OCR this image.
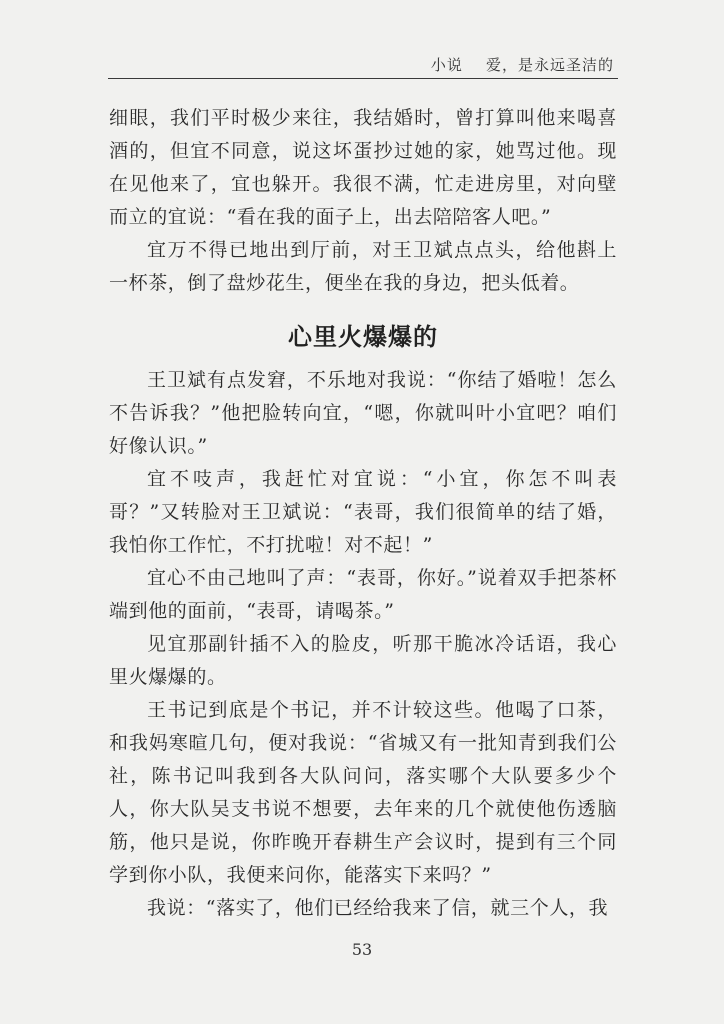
小说    爱，是永远圣洁的

细眼，我们平时极少来往，我结婚时，曾打算叫他来喝喜酒的，但宜不同意，说这坏蛋抄过她的家，她骂过他。现在见他来了，宜也躲开。我很不满，忙走进房里，对向壁而立的宜说：“看在我的面子上，出去陪陪客人吧。”

宜万不得已地出到厅前，对王卫斌点点头，给他斟上一杯茶，倒了盘炒花生，便坐在我的身边，把头低着。

心里火爆爆的

王卫斌有点发窘，不乐地对我说：“你结了婚啦！怎么不告诉我？”他把脸转向宜，“嗯，你就叫叶小宜吧？咱们好像认识。”

宜不吱声，我赶忙对宜说：“小宜，你怎不叫表哥？”又转脸对王卫斌说：“表哥，我们很简单的结了婚，我怕你工作忙，不打扰啦！对不起！”

宜心不由己地叫了声：“表哥，你好。”说着双手把茶杯端到他的面前，“表哥，请喝茶。”

见宜那副针插不入的脸皮，听那干脆冰冷话语，我心里火爆爆的。

王书记到底是个书记，并不计较这些。他喝了口茶，和我妈寒暄几句，便对我说：“省城又有一批知青到我们公社，陈书记叫我到各大队问问，落实哪个大队要多少个人，你大队吴支书说不想要，去年来的几个就使他伤透脑筋，他只是说，你昨晚开春耕生产会议时，提到有三个同学到你小队，我便来问你，能落实下来吗？”

我说：“落实了，他们已经给我来了信，就三个人，我

53
